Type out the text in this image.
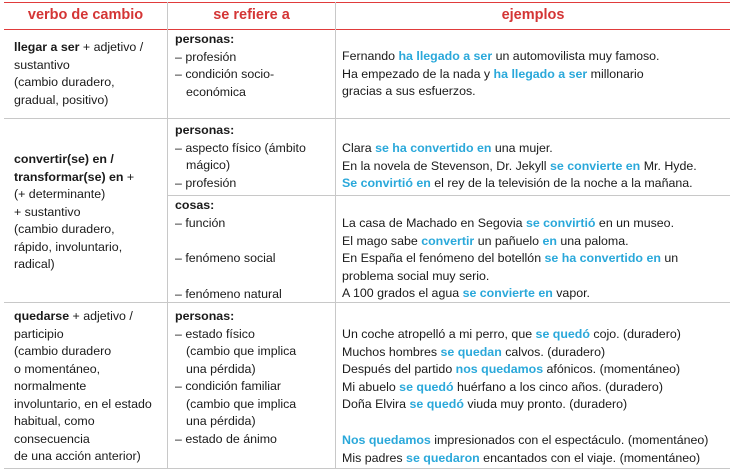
verbo de cambio	se refiere a	ejemplos
llegar a ser + adjetivo /
sustantivo
(cambio duradero,
gradual, positivo)
personas:
– profesión
– condición socio-
económica
Fernando ha llegado a ser un automovilista muy famoso.
Ha empezado de la nada y ha llegado a ser millonario
gracias a sus esfuerzos.
convertir(se) en /
transformar(se) en +
(+ determinante)
+ sustantivo
(cambio duradero,
rápido, involuntario,
radical)
personas:
– aspecto físico (ámbito
mágico)
– profesión
Clara se ha convertido en una mujer.
En la novela de Stevenson, Dr. Jekyll se convierte en Mr. Hyde.
Se convirtió en el rey de la televisión de la noche a la mañana.
cosas:
– función
– fenómeno social
– fenómeno natural
La casa de Machado en Segovia se convirtió en un museo.
El mago sabe convertir un pañuelo en una paloma.
En España el fenómeno del botellón se ha convertido en un
problema social muy serio.
A 100 grados el agua se convierte en vapor.
quedarse + adjetivo /
participio
(cambio duradero
o momentáneo,
normalmente
involuntario, en el estado
habitual, como
consecuencia
de una acción anterior)
personas:
– estado físico
(cambio que implica
una pérdida)
– condición familiar
(cambio que implica
una pérdida)
– estado de ánimo
Un coche atropelló a mi perro, que se quedó cojo. (duradero)
Muchos hombres se quedan calvos. (duradero)
Después del partido nos quedamos afónicos. (momentáneo)
Mi abuelo se quedó huérfano a los cinco años. (duradero)
Doña Elvira se quedó viuda muy pronto. (duradero)
Nos quedamos impresionados con el espectáculo. (momentáneo)
Mis padres se quedaron encantados con el viaje. (momentáneo)
